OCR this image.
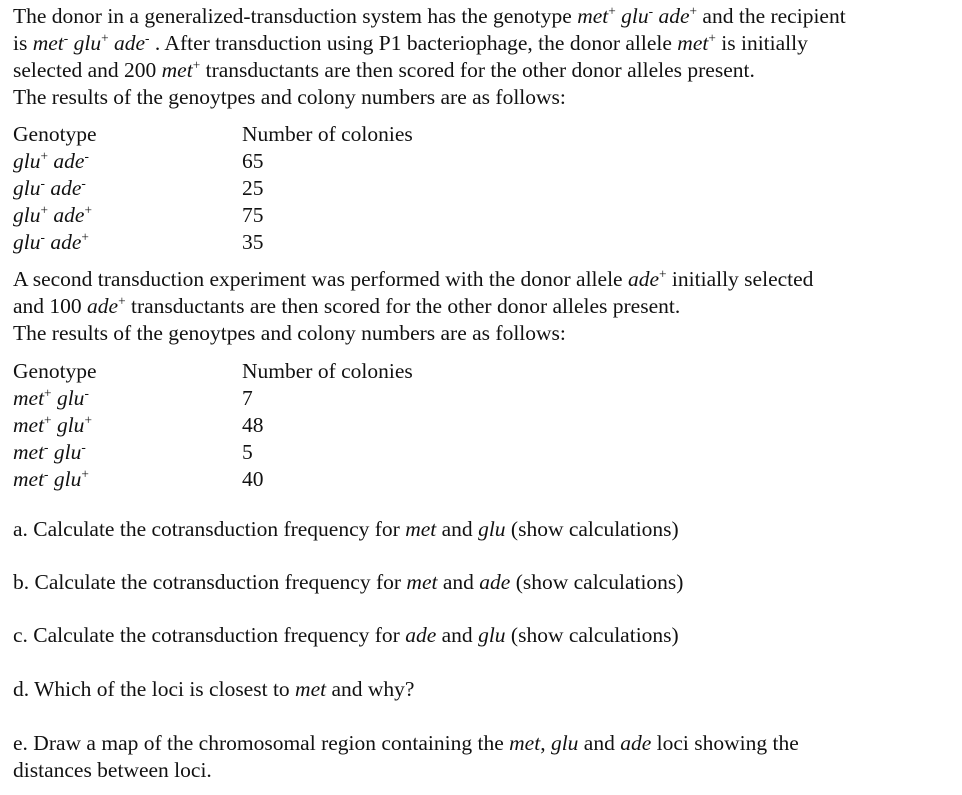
The donor in a generalized-transduction system has the genotype met+ glu- ade+ and the recipient
is met- glu+ ade- . After transduction using P1 bacteriophage, the donor allele met+ is initially
selected and 200 met+ transductants are then scored for the other donor alleles present.
The results of the genoytpes and colony numbers are as follows:
Genotype	Number of colonies
glu+ ade-	65
glu- ade-	25
glu+ ade+	75
glu- ade+	35
A second transduction experiment was performed with the donor allele ade+ initially selected
and 100 ade+ transductants are then scored for the other donor alleles present.
The results of the genoytpes and colony numbers are as follows:
Genotype	Number of colonies
met+ glu-	7
met+ glu+	48
met- glu-	5
met- glu+	40
a. Calculate the cotransduction frequency for met and glu (show calculations)
b. Calculate the cotransduction frequency for met and ade (show calculations)
c. Calculate the cotransduction frequency for ade and glu (show calculations)
d. Which of the loci is closest to met and why?
e. Draw a map of the chromosomal region containing the met, glu and ade loci showing the
distances between loci.
